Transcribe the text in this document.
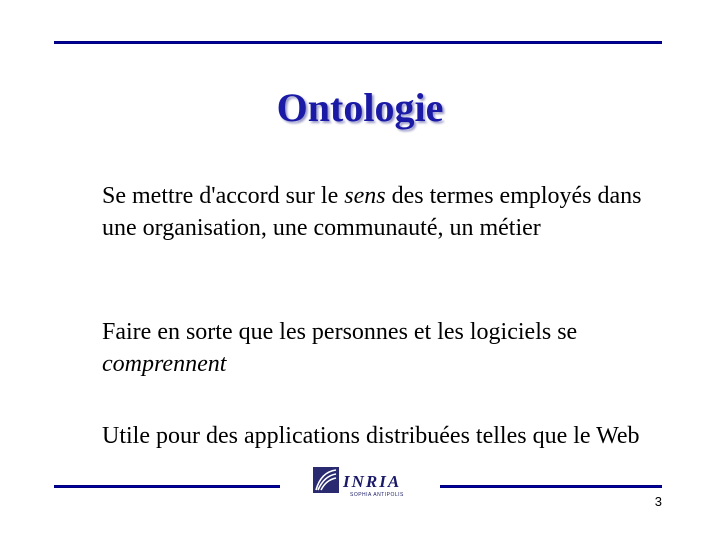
Ontologie

Se mettre d'accord sur le sens des termes employés dans une organisation, une communauté, un métier

Faire en sorte que les personnes et les logiciels se comprennent

Utile pour des applications distribuées telles que le Web

INRIA
SOPHIA ANTIPOLIS	3
